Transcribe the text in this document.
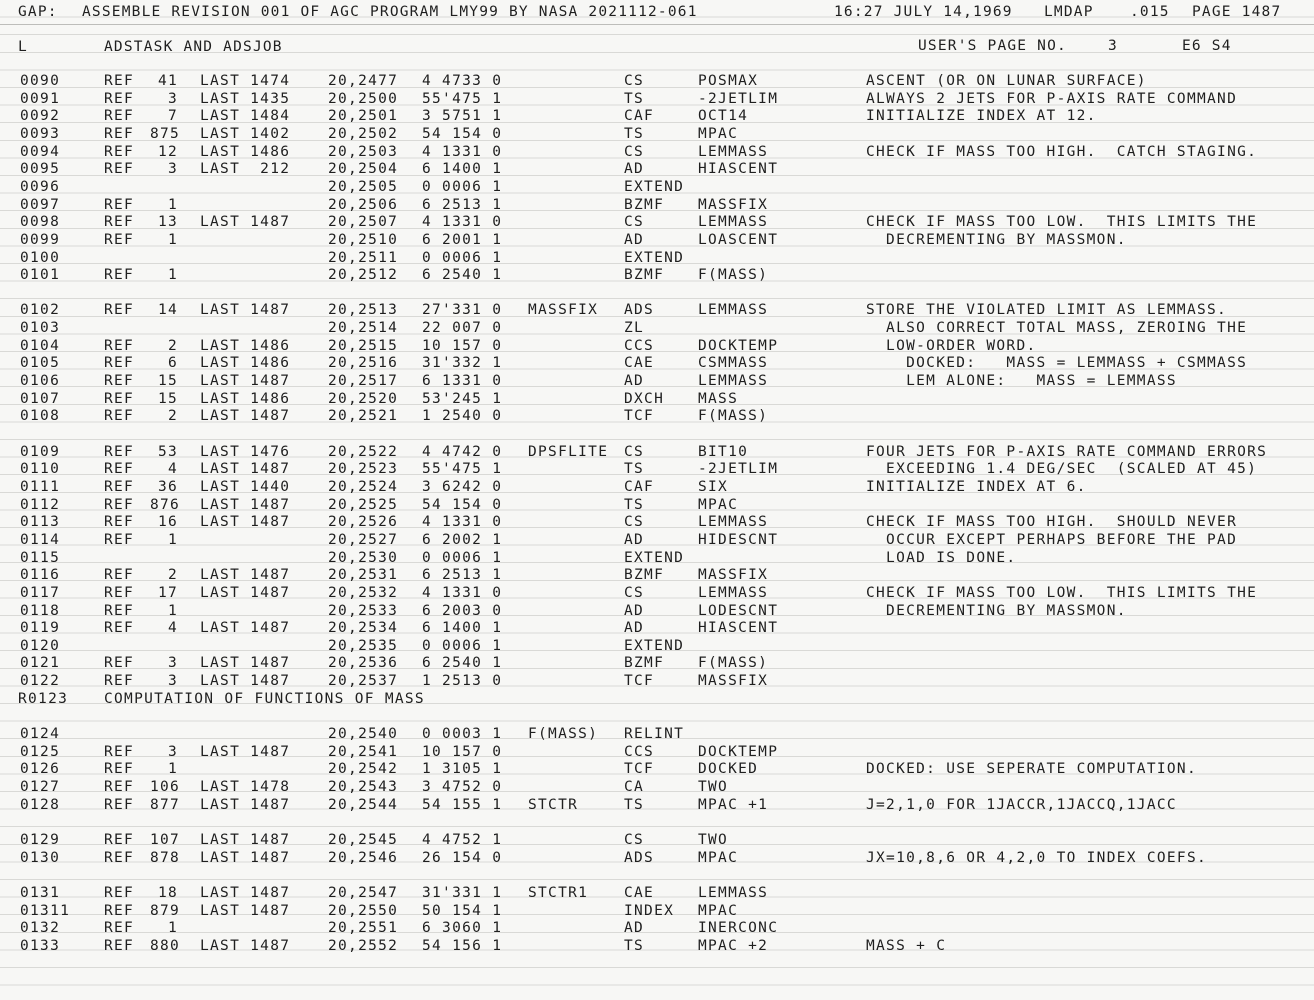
GAP: ASSEMBLE REVISION 001 OF AGC PROGRAM LMY99 BY NASA 2021112-061	16:27 JULY 14,1969 LMDAP	.015 PAGE 1487
L	ADSTASK AND ADSJOB	USER'S PAGE NO.	3	E6 S4
0090	REF	41 LAST 1474	20,2477 4 4733 0	CS	POSMAX	ASCENT (OR ON LUNAR SURFACE)
0091	REF	3 LAST 1435	20,2500 55'475 1	TS	-2JETLIM	ALWAYS 2 JETS FOR P-AXIS RATE COMMAND
0092	REF	7 LAST 1484	20,2501 3 5751 1	CAF	OCT14	INITIALIZE INDEX AT 12.
0093	REF 875 LAST 1402	20,2502 54 154 0	TS	MPAC
0094	REF	12 LAST 1486	20,2503 4 1331 0	CS	LEMMASS	CHECK IF MASS TOO HIGH.  CATCH STAGING.
0095	REF	3 LAST  212	20,2504 6 1400 1	AD	HIASCENT
0096	20,2505 0 0006 1	EXTEND
0097	REF	1	20,2506 6 2513 1	BZMF MASSFIX
0098	REF	13 LAST 1487	20,2507 4 1331 0	CS	LEMMASS	CHECK IF MASS TOO LOW.  THIS LIMITS THE
0099	REF	1	20,2510 6 2001 1	AD	LOASCENT	DECREMENTING BY MASSMON.
0100	20,2511 0 0006 1	EXTEND
0101	REF	1	20,2512 6 2540 1	BZMF F(MASS)
0102	REF	14 LAST 1487	20,2513 27'331 0 MASSFIX ADS	LEMMASS	STORE THE VIOLATED LIMIT AS LEMMASS.
0103	20,2514 22 007 0	ZL	ALSO CORRECT TOTAL MASS, ZEROING THE
0104	REF	2 LAST 1486	20,2515 10 157 0	CCS	DOCKTEMP	LOW-ORDER WORD.
0105	REF	6 LAST 1486	20,2516 31'332 1	CAE	CSMMASS	DOCKED:   MASS = LEMMASS + CSMMASS
0106	REF	15 LAST 1487	20,2517 6 1331 0	AD	LEMMASS	LEM ALONE:   MASS = LEMMASS
0107	REF	15 LAST 1486	20,2520 53'245 1	DXCH MASS
0108	REF	2 LAST 1487	20,2521 1 2540 0	TCF	F(MASS)
0109	REF	53 LAST 1476	20,2522 4 4742 0 DPSFLITE CS	BIT10	FOUR JETS FOR P-AXIS RATE COMMAND ERRORS
0110	REF	4 LAST 1487	20,2523 55'475 1	TS	-2JETLIM	EXCEEDING 1.4 DEG/SEC  (SCALED AT 45)
0111	REF	36 LAST 1440	20,2524 3 6242 0	CAF	SIX	INITIALIZE INDEX AT 6.
0112	REF 876 LAST 1487	20,2525 54 154 0	TS	MPAC
0113	REF	16 LAST 1487	20,2526 4 1331 0	CS	LEMMASS	CHECK IF MASS TOO HIGH.  SHOULD NEVER
0114	REF	1	20,2527 6 2002 1	AD	HIDESCNT	OCCUR EXCEPT PERHAPS BEFORE THE PAD
0115	20,2530 0 0006 1	EXTEND	LOAD IS DONE.
0116	REF	2 LAST 1487	20,2531 6 2513 1	BZMF MASSFIX
0117	REF	17 LAST 1487	20,2532 4 1331 0	CS	LEMMASS	CHECK IF MASS TOO LOW.  THIS LIMITS THE
0118	REF	1	20,2533 6 2003 0	AD	LODESCNT	DECREMENTING BY MASSMON.
0119	REF	4 LAST 1487	20,2534 6 1400 1	AD	HIASCENT
0120	20,2535 0 0006 1	EXTEND
0121	REF	3 LAST 1487	20,2536 6 2540 1	BZMF F(MASS)
0122	REF	3 LAST 1487	20,2537 1 2513 0	TCF	MASSFIX
R0123 COMPUTATION OF FUNCTIONS OF MASS
0124	20,2540 0 0003 1 F(MASS) RELINT
0125	REF	3 LAST 1487	20,2541 10 157 0	CCS	DOCKTEMP
0126	REF	1	20,2542 1 3105 1	TCF	DOCKED	DOCKED: USE SEPERATE COMPUTATION.
0127	REF 106 LAST 1478	20,2543 3 4752 0	CA	TWO
0128	REF 877 LAST 1487	20,2544 54 155 1 STCTR	TS	MPAC +1	J=2,1,0 FOR 1JACCR,1JACCQ,1JACC
0129	REF 107 LAST 1487	20,2545 4 4752 1	CS	TWO
0130	REF 878 LAST 1487	20,2546 26 154 0	ADS	MPAC	JX=10,8,6 OR 4,2,0 TO INDEX COEFS.
0131	REF	18 LAST 1487	20,2547 31'331 1 STCTR1 CAE	LEMMASS
01311 REF 879 LAST 1487	20,2550 50 154 1	INDEX MPAC
0132	REF	1	20,2551 6 3060 1	AD	INERCONC
0133	REF 880 LAST 1487	20,2552 54 156 1	TS	MPAC +2	MASS + C
